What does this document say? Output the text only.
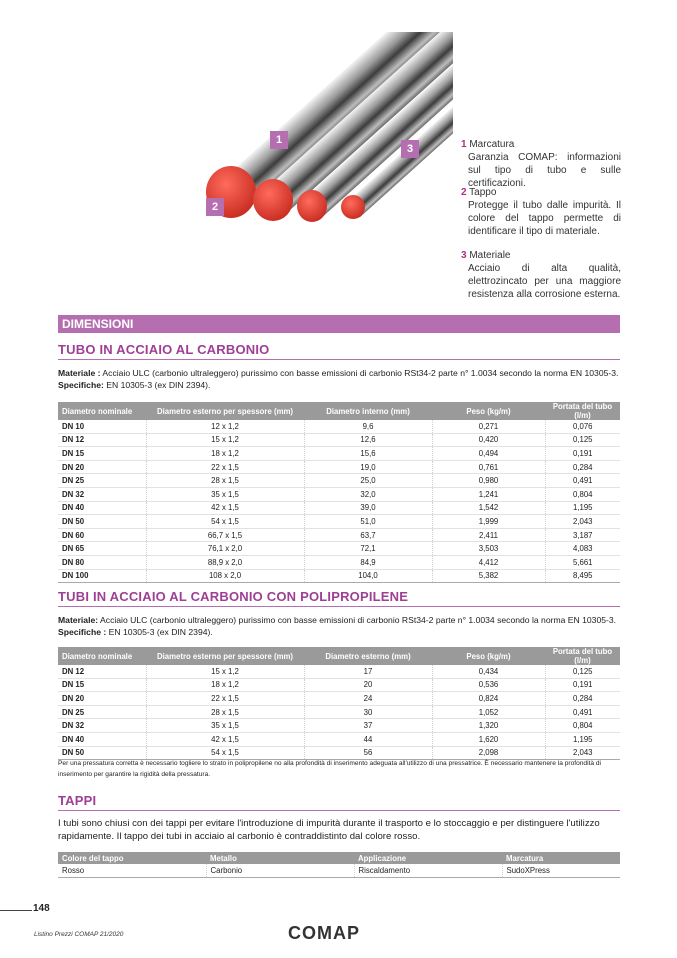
1
2
3	1 Marcatura
Garanzia COMAP: informazioni sul tipo di tubo e sulle certificazioni.
2 Tappo
Protegge il tubo dalle impurità. Il colore del tappo permette di identificare il tipo di materiale.
3 Materiale
Acciaio di alta qualità, elettrozincato per una maggiore resistenza alla corrosione esterna.
DIMENSIONI
TUBO IN ACCIAIO AL CARBONIO
Materiale : Acciaio ULC (carbonio ultraleggero) purissimo con basse emissioni di carbonio RSt34-2 parte n° 1.0034 secondo la norma EN 10305-3.
Specifiche: EN 10305-3 (ex DIN 2394).
Diametro nominale	Diametro esterno per spessore (mm)	Diametro interno (mm)	Peso (kg/m)	Portata del tubo (l/m)
DN 10	12 x 1,2	9,6	0,271	0,076
DN 12	15 x 1,2	12,6	0,420	0,125
DN 15	18 x 1,2	15,6	0,494	0,191
DN 20	22 x 1,5	19,0	0,761	0,284
DN 25	28 x 1,5	25,0	0,980	0,491
DN 32	35 x 1,5	32,0	1,241	0,804
DN 40	42 x 1,5	39,0	1,542	1,195
DN 50	54 x 1,5	51,0	1,999	2,043
DN 60	66,7 x 1,5	63,7	2,411	3,187
DN 65	76,1 x 2,0	72,1	3,503	4,083
DN 80	88,9 x 2,0	84,9	4,412	5,661
DN 100	108 x 2,0	104,0	5,382	8,495
TUBI IN ACCIAIO AL CARBONIO CON POLIPROPILENE
Materiale: Acciaio ULC (carbonio ultraleggero) purissimo con basse emissioni di carbonio RSt34-2 parte n° 1.0034 secondo la norma EN 10305-3.
Specifiche : EN 10305-3 (ex DIN 2394).
Diametro nominale	Diametro esterno per spessore (mm)	Diametro esterno (mm)	Peso (kg/m)	Portata del tubo (l/m)
DN 12	15 x 1,2	17	0,434	0,125
DN 15	18 x 1,2	20	0,536	0,191
DN 20	22 x 1,5	24	0,824	0,284
DN 25	28 x 1,5	30	1,052	0,491
DN 32	35 x 1,5	37	1,320	0,804
DN 40	42 x 1,5	44	1,620	1,195
DN 50	54 x 1,5	56	2,098	2,043
Per una pressatura corretta è necessario togliere lo strato in polipropilene no alla profondità di inserimento adeguata all'utilizzo di una pressatrice. È necessario mantenere la profondità di inserimento per garantire la rigidità della pressatura.
TAPPI
I tubi sono chiusi con dei tappi per evitare l'introduzione di impurità durante il trasporto e lo stoccaggio e per distinguere l'utilizzo rapidamente. Il tappo dei tubi in acciaio al carbonio è contraddistinto dal colore rosso.
Colore del tappo	Metallo	Applicazione	Marcatura
Rosso	Carbonio	Riscaldamento	SudoXPress
148
Listino Prezzi COMAP 21/2020	COMAP
